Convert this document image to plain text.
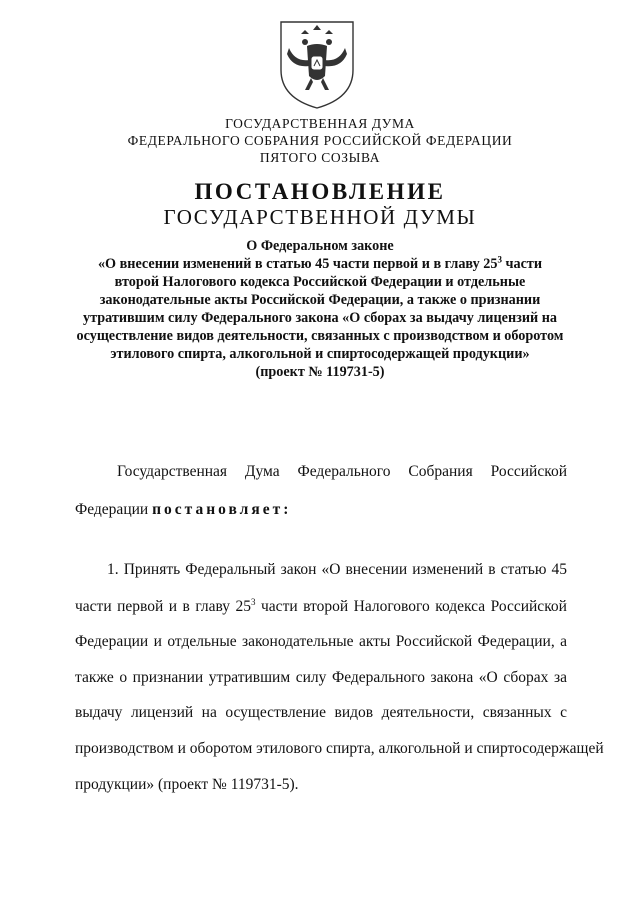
ГОСУДАРСТВЕННАЯ ДУМА
ФЕДЕРАЛЬНОГО СОБРАНИЯ РОССИЙСКОЙ ФЕДЕРАЦИИ
ПЯТОГО СОЗЫВА
ПОСТАНОВЛЕНИЕ
ГОСУДАРСТВЕННОЙ ДУМЫ
О Федеральном законе
«О внесении изменений в статью 45 части первой и в главу $25^3$ части
второй Налогового кодекса Российской Федерации и отдельные
законодательные акты Российской Федерации, а также о признании
утратившим силу Федерального закона «О сборах за выдачу лицензий на
осуществление видов деятельности, связанных с производством и оборотом
этилового спирта, алкогольной и спиртосодержащей продукции»
(проект № 119731-5)
Государственная Дума Федерального Собрания Российской
Федерации постановляет:
1. Принять Федеральный закон «О внесении изменений в статью 45
части первой и в главу $25^3$ части второй Налогового кодекса Российской
Федерации и отдельные законодательные акты Российской Федерации, а
также о признании утратившим силу Федерального закона «О сборах за
выдачу лицензий на осуществление видов деятельности, связанных с
производством и оборотом этилового спирта, алкогольной и спиртосодержащей
продукции» (проект № 119731-5).
